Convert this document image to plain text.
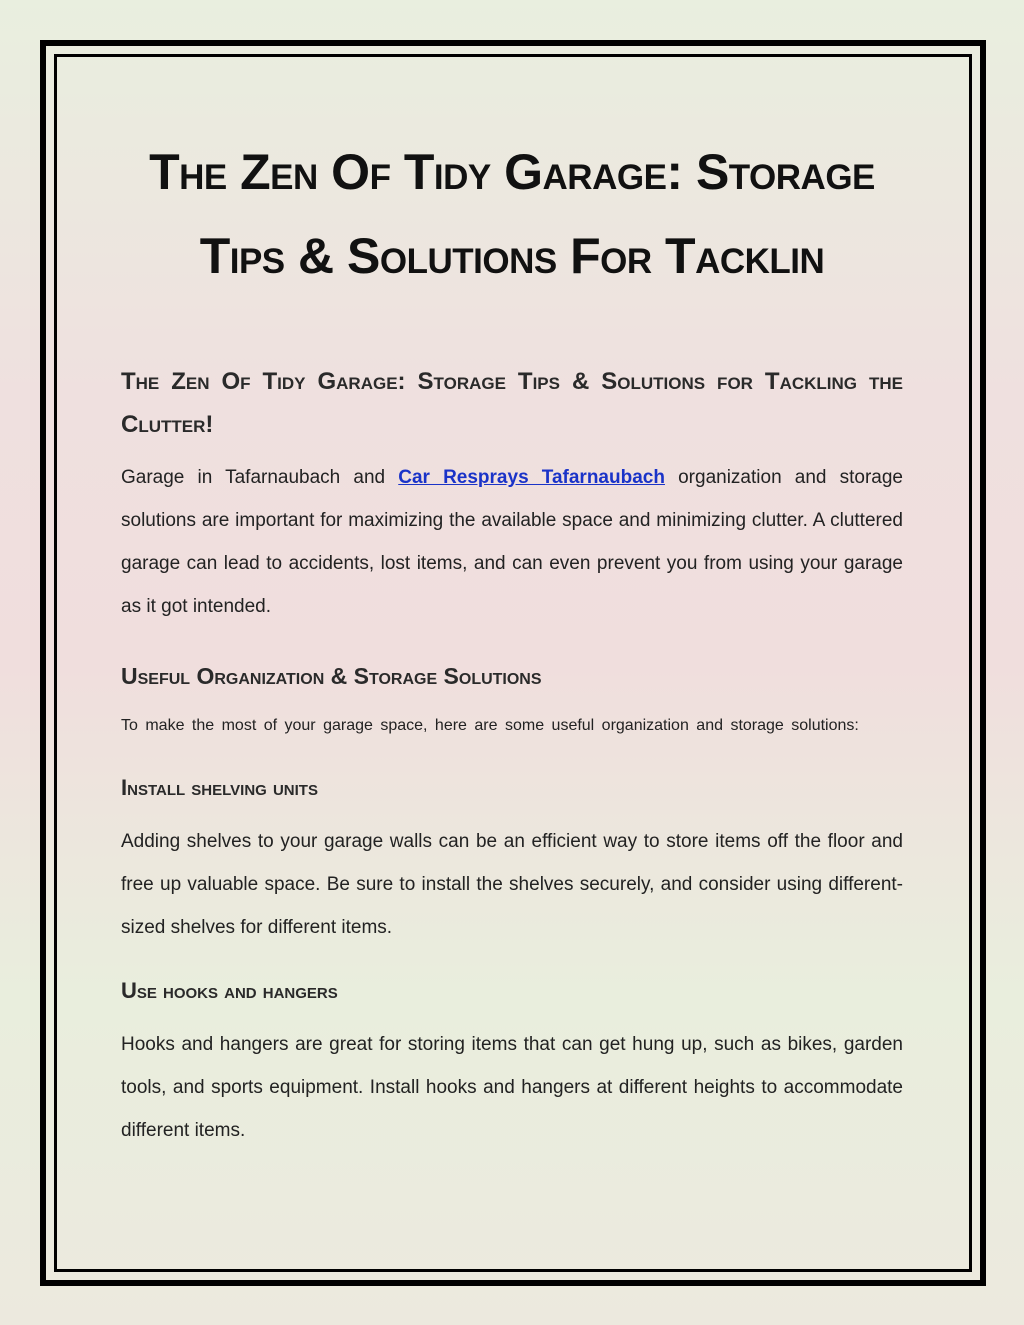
The Zen Of Tidy Garage: Storage Tips & Solutions For Tacklin
The Zen Of Tidy Garage: Storage Tips & Solutions for Tackling the Clutter!

Garage in Tafarnaubach and Car Resprays Tafarnaubach organization and storage solutions are important for maximizing the available space and minimizing clutter. A cluttered garage can lead to accidents, lost items, and can even prevent you from using your garage as it got intended.

Useful Organization & Storage Solutions

To make the most of your garage space, here are some useful organization and storage solutions:

Install shelving units

Adding shelves to your garage walls can be an efficient way to store items off the floor and free up valuable space. Be sure to install the shelves securely, and consider using different-sized shelves for different items.

Use hooks and hangers

Hooks and hangers are great for storing items that can get hung up, such as bikes, garden tools, and sports equipment. Install hooks and hangers at different heights to accommodate different items.
